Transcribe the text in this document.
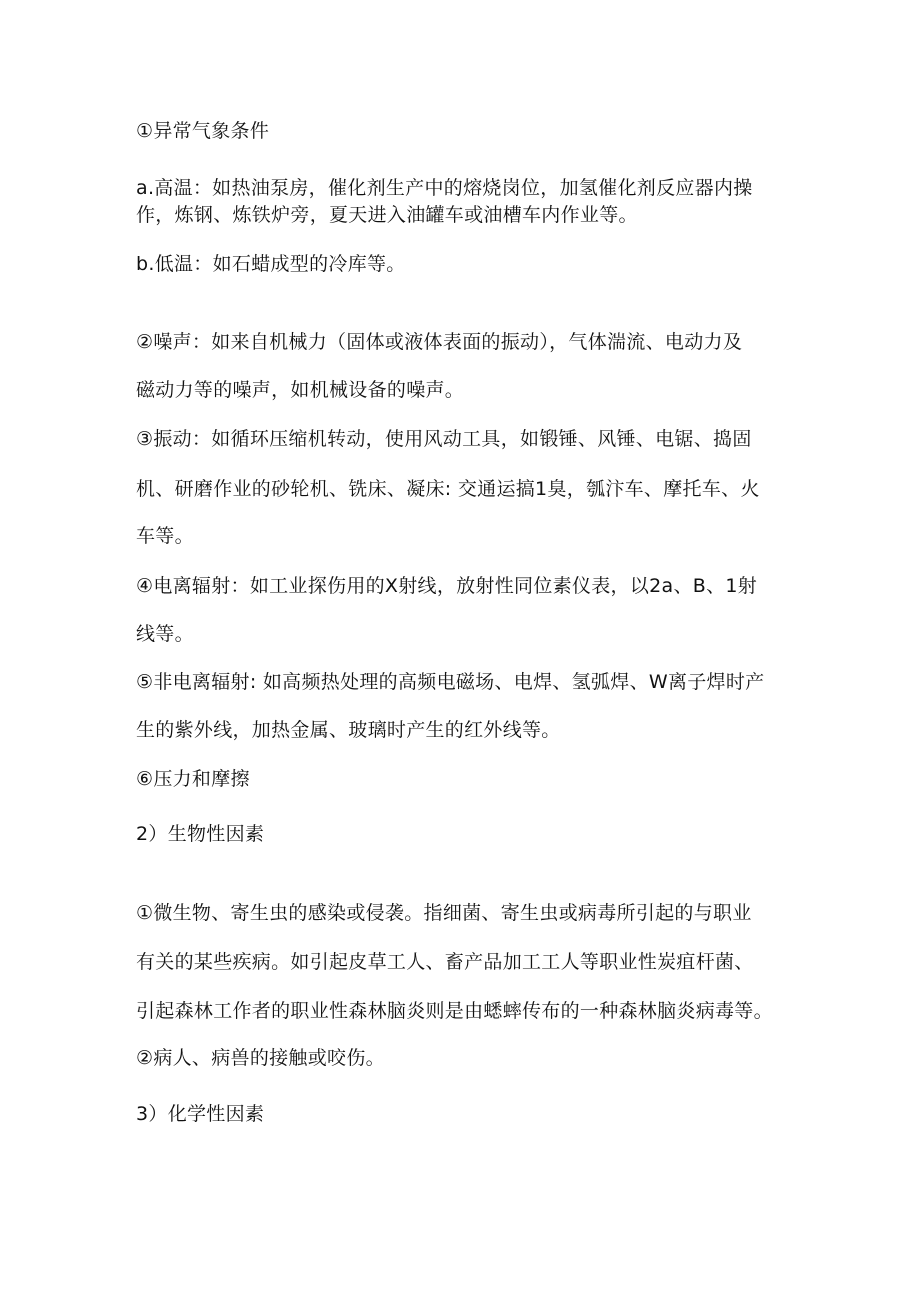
①异常气象条件
a.高温：如热油泵房，催化剂生产中的熔烧岗位，加氢催化剂反应器内操
作，炼钢、炼铁炉旁，夏天进入油罐车或油槽车内作业等。
b.低温：如石蜡成型的冷库等。
②噪声：如来自机械力（固体或液体表面的振动），气体湍流、电动力及
磁动力等的噪声，如机械设备的噪声。
③振动：如循环压缩机转动，使用风动工具，如锻锤、风锤、电锯、捣固
机、研磨作业的砂轮机、铣床、凝床: 交通运搞1臭，瓠汴车、摩托车、火
车等。
④电离辐射：如工业探伤用的X射线，放射性同位素仪表，以2a、B、1射
线等。
⑤非电离辐射: 如高频热处理的高频电磁场、电焊、氢弧焊、W离子焊时产
生的紫外线，加热金属、玻璃时产生的红外线等。
⑥压力和摩擦
2）生物性因素
①微生物、寄生虫的感染或侵袭。指细菌、寄生虫或病毒所引起的与职业
有关的某些疾病。如引起皮草工人、畜产品加工工人等职业性炭疽杆菌、
引起森林工作者的职业性森林脑炎则是由蟋蟀传布的一种森林脑炎病毒等。
②病人、病兽的接触或咬伤。
3）化学性因素
